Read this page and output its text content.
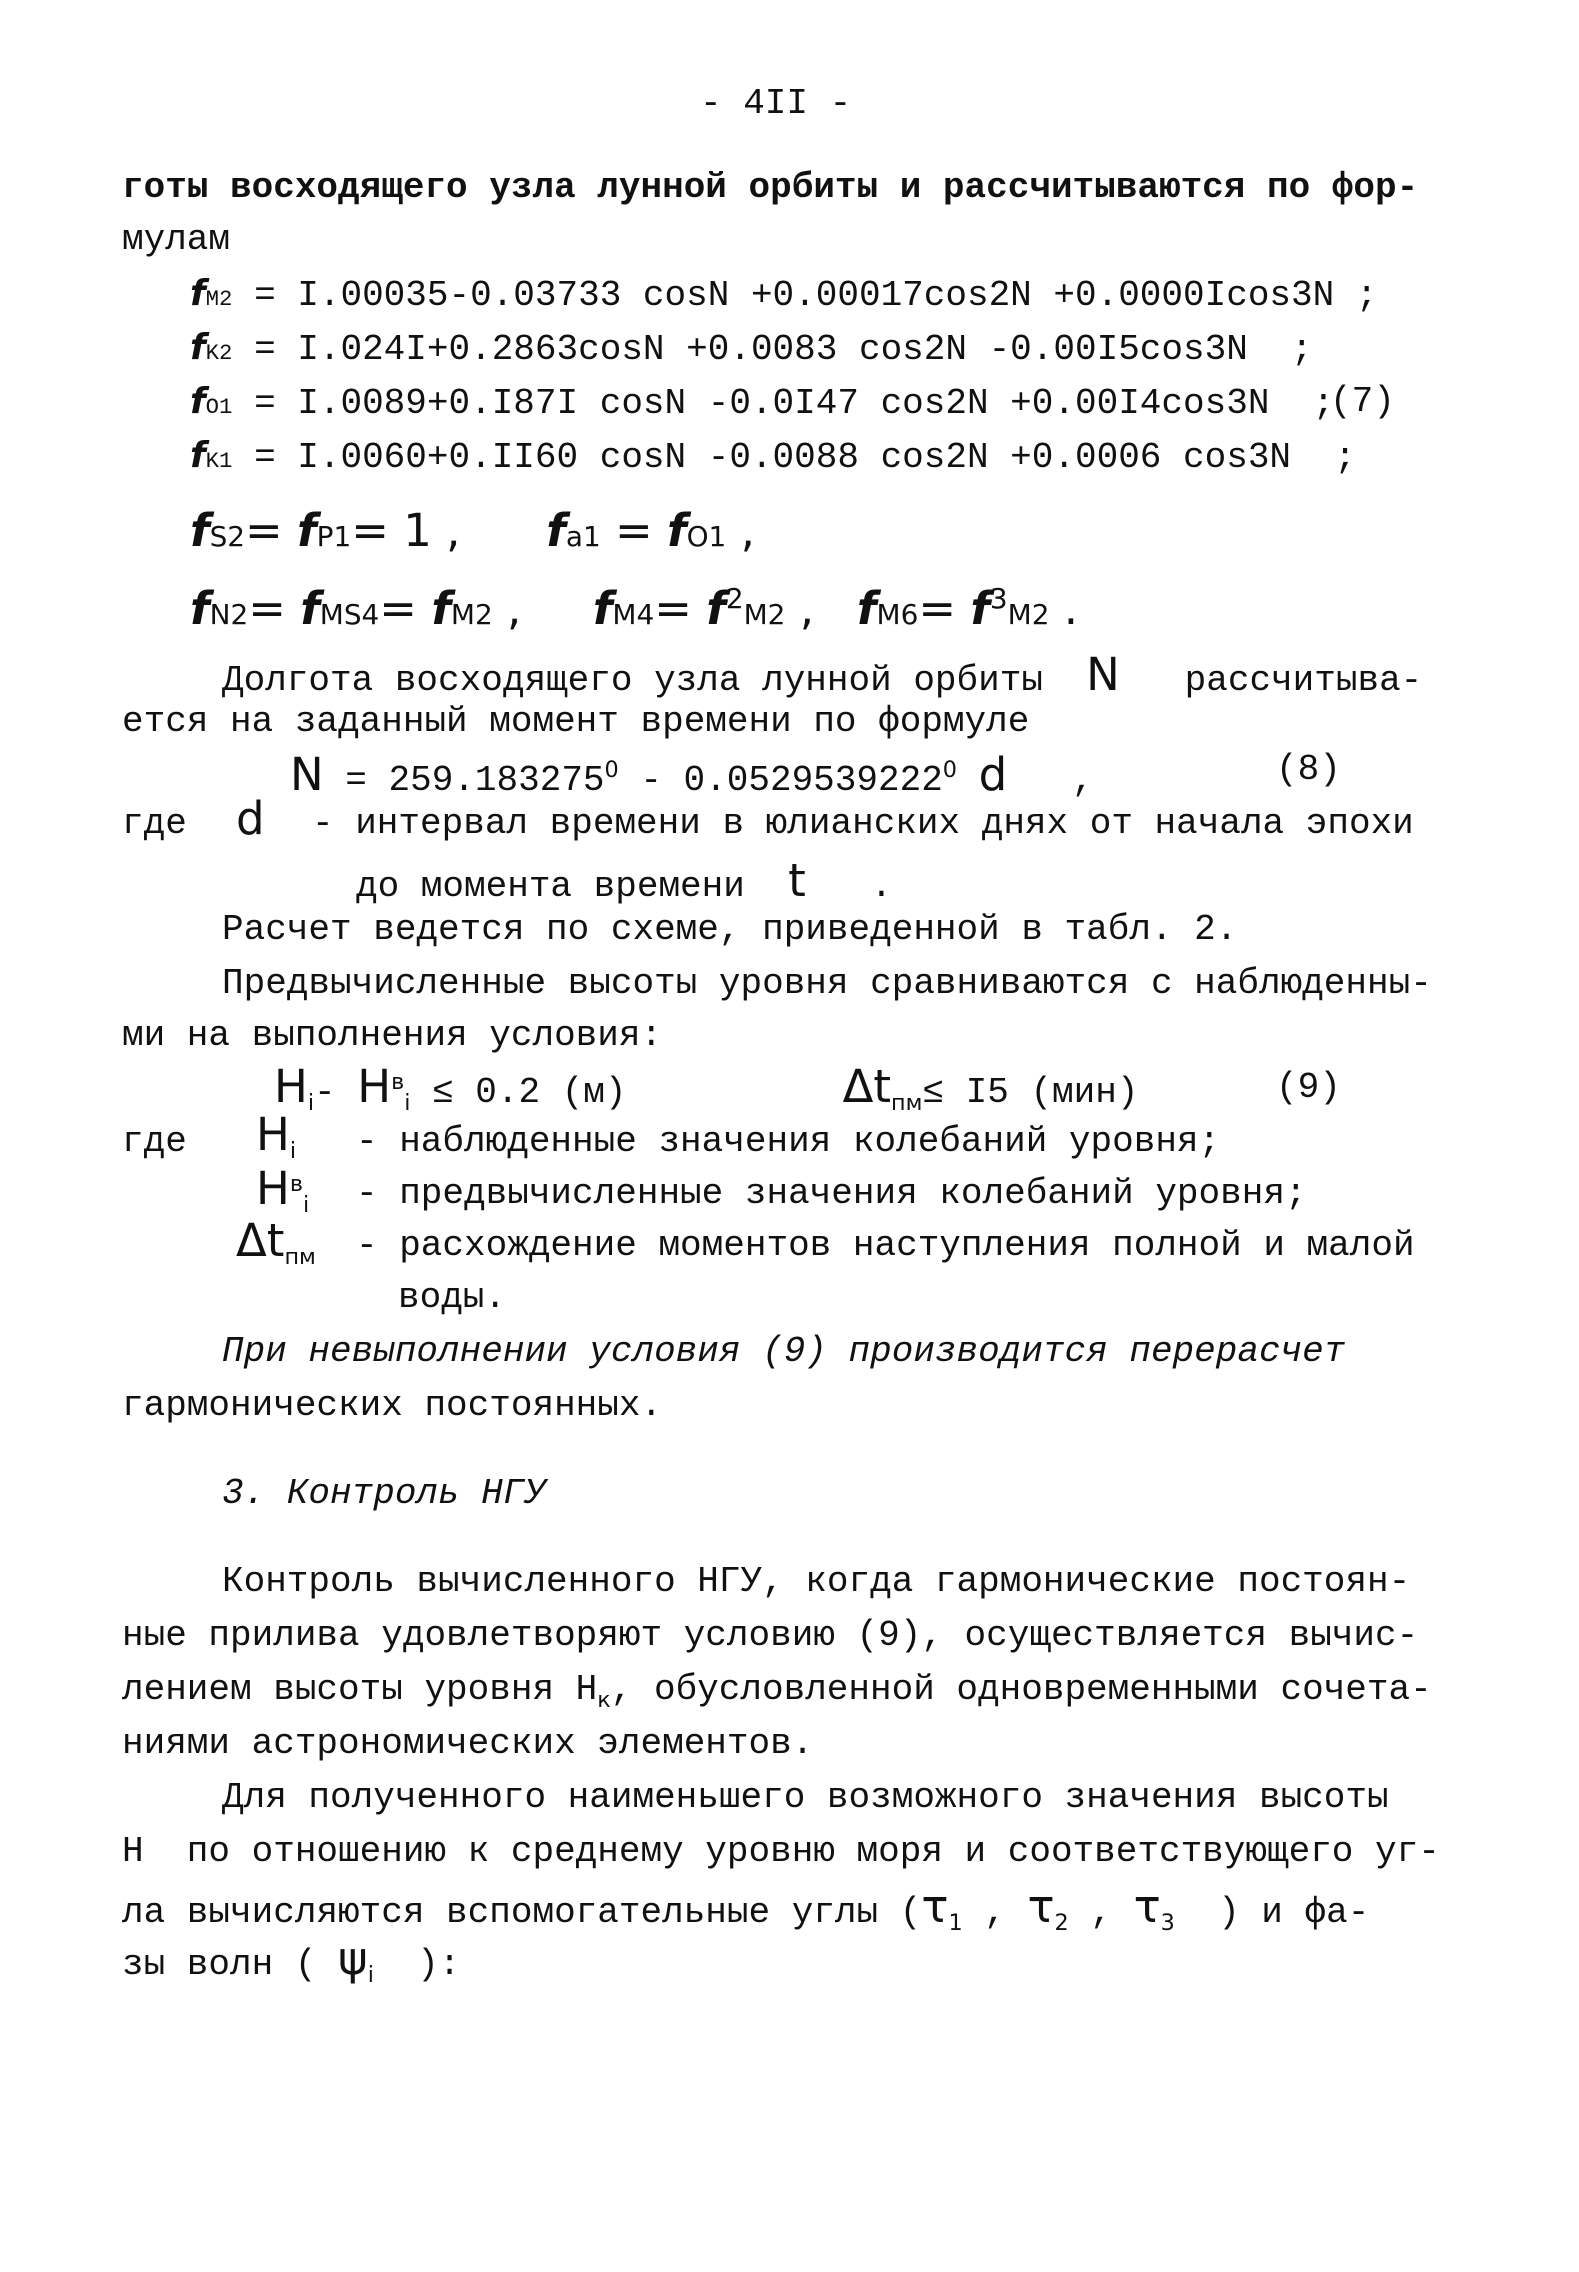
- 4II -
готы восходящего узла лунной орбиты и рассчитываются по фор-
мулам
fM2 = I.00035-0.03733 cosN +0.00017cos2N +0.0000Icos3N ;
fK2 = I.024I+0.2863cosN +0.0083 cos2N -0.00I5cos3N  ;
fO1 = I.0089+0.I87I cosN -0.0I47 cos2N +0.00I4cos3N  ;
(7)
fK1 = I.0060+0.II60 cosN -0.0088 cos2N +0.0006 cos3N  ;
fS2= fP1= 1 , fa1 = fO1 ,
fN2= fMS4= fM2 ,     $fM4= f^2M2$ ,   $fM6= f^3M2$ .
Долгота восходящего узла лунной орбиты N рассчитыва-
ется на заданный момент времени по формуле
$N = 259.183275^0 - 0.0529539222^0$ d ,	(8)
где d - интервал времени в юлианских днях от начала эпохи
до момента времени t .
Расчет ведется по схеме, приведенной в табл. 2.
Предвычисленные высоты уровня сравниваются с наблюденны-
ми на выполнения условия:
$H_i-$ $H^в_i \le 0.2$ (м)	$\Delta t_{пм}\le I5$ (мин)	(9)
где $H_i$ - наблюденные значения колебаний уровня;
$H^в_i$ - предвычисленные значения колебаний уровня;
$\Delta t_{пм}$ - расхождение моментов наступления полной и малой
воды.
При невыполнении условия (9) производится перерасчет
гармонических постоянных.
3. Контроль НГУ
Контроль вычисленного НГУ, когда гармонические постоян-
ные прилива удовлетворяют условию (9), осуществляется вычис-
лением высоты уровня $Н_к$, обусловленной одновременными сочета-
ниями астрономических элементов.
Для полученного наименьшего возможного значения высоты
Н  по отношению к среднему уровню моря и соответствующего уг-
ла вычисляются вспомогательные углы ($\tau_1$ , $\tau_2$ , $\tau_3$ ) и фа-
зы волн ( $\psi_i$ ):
